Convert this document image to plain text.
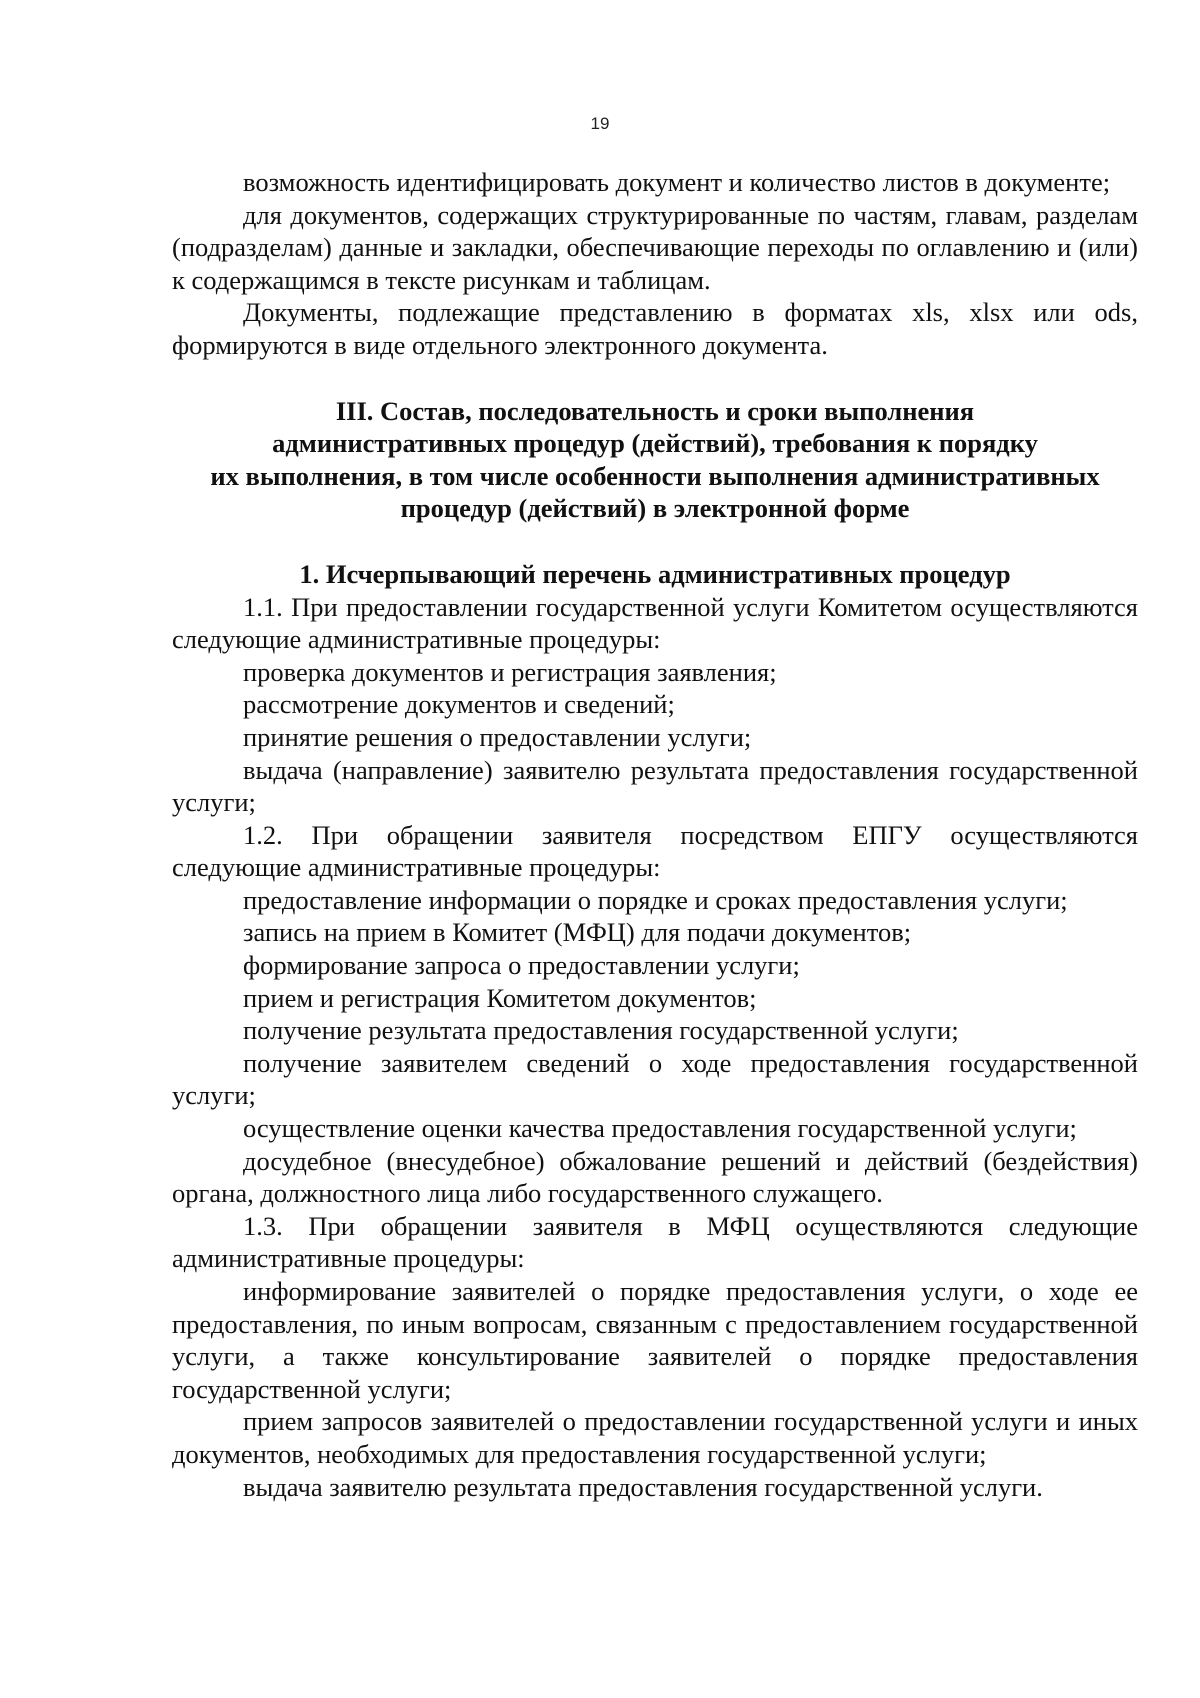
19

возможность идентифицировать документ и количество листов в документе;

для документов, содержащих структурированные по частям, главам, разделам (подразделам) данные и закладки, обеспечивающие переходы по оглавлению и (или) к содержащимся в тексте рисункам и таблицам.

Документы, подлежащие представлению в форматах xls, xlsx или ods, формируются в виде отдельного электронного документа.

III. Состав, последовательность и сроки выполнения
административных процедур (действий), требования к порядку
их выполнения, в том числе особенности выполнения административных
процедур (действий) в электронной форме
1. Исчерпывающий перечень административных процедур

1.1. При предоставлении государственной услуги Комитетом осуществляются следующие административные процедуры:

проверка документов и регистрация заявления;

рассмотрение документов и сведений;

принятие решения о предоставлении услуги;

выдача (направление) заявителю результата предоставления государственной услуги;

1.2. При обращении заявителя посредством ЕПГУ осуществляются следующие административные процедуры:

предоставление информации о порядке и сроках предоставления услуги;

запись на прием в Комитет (МФЦ) для подачи документов;

формирование запроса о предоставлении услуги;

прием и регистрация Комитетом документов;

получение результата предоставления государственной услуги;

получение заявителем сведений о ходе предоставления государственной услуги;

осуществление оценки качества предоставления государственной услуги;

досудебное (внесудебное) обжалование решений и действий (бездействия) органа, должностного лица либо государственного служащего.

1.3. При обращении заявителя в МФЦ осуществляются следующие административные процедуры:

информирование заявителей о порядке предоставления услуги, о ходе ее предоставления, по иным вопросам, связанным с предоставлением государственной услуги, а также консультирование заявителей о порядке предоставления государственной услуги;

прием запросов заявителей о предоставлении государственной услуги и иных документов, необходимых для предоставления государственной услуги;

выдача заявителю результата предоставления государственной услуги.
